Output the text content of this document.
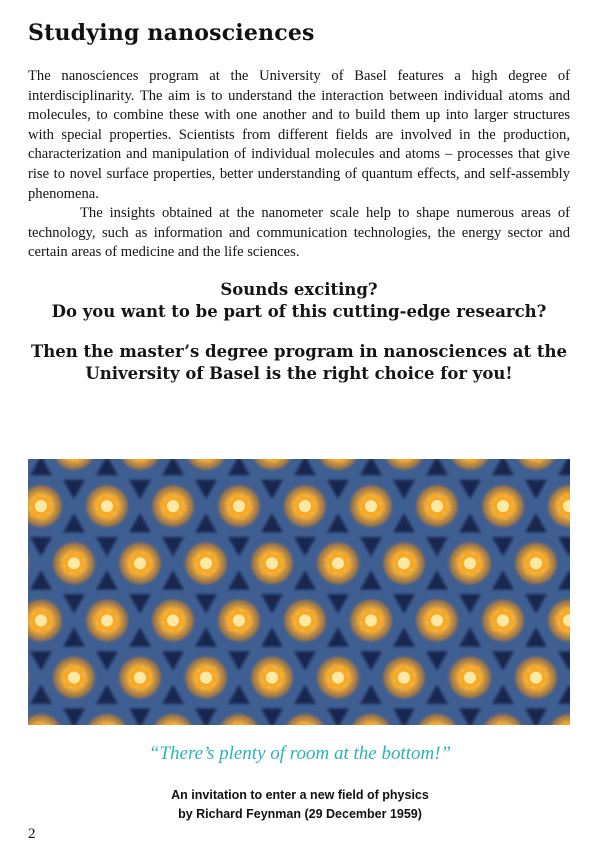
Studying nanosciences

The nanosciences program at the University of Basel features a high degree of interdisciplinarity. The aim is to understand the interaction between individual atoms and molecules, to combine these with one another and to build them up into larger structures with special properties. Scientists from different fields are involved in the production, characterization and manipulation of individual molecules and atoms – processes that give rise to novel surface properties, better understanding of quantum effects, and self-assembly phenomena.

The insights obtained at the nanometer scale help to shape numerous areas of technology, such as information and communication technologies, the energy sector and certain areas of medicine and the life sciences.

Sounds exciting?
Do you want to be part of this cutting-edge research?
Then the master’s degree program in nanosciences at the
University of Basel is the right choice for you!
“There’s plenty of room at the bottom!”
An invitation to enter a new field of physics
by Richard Feynman (29 December 1959)
2
